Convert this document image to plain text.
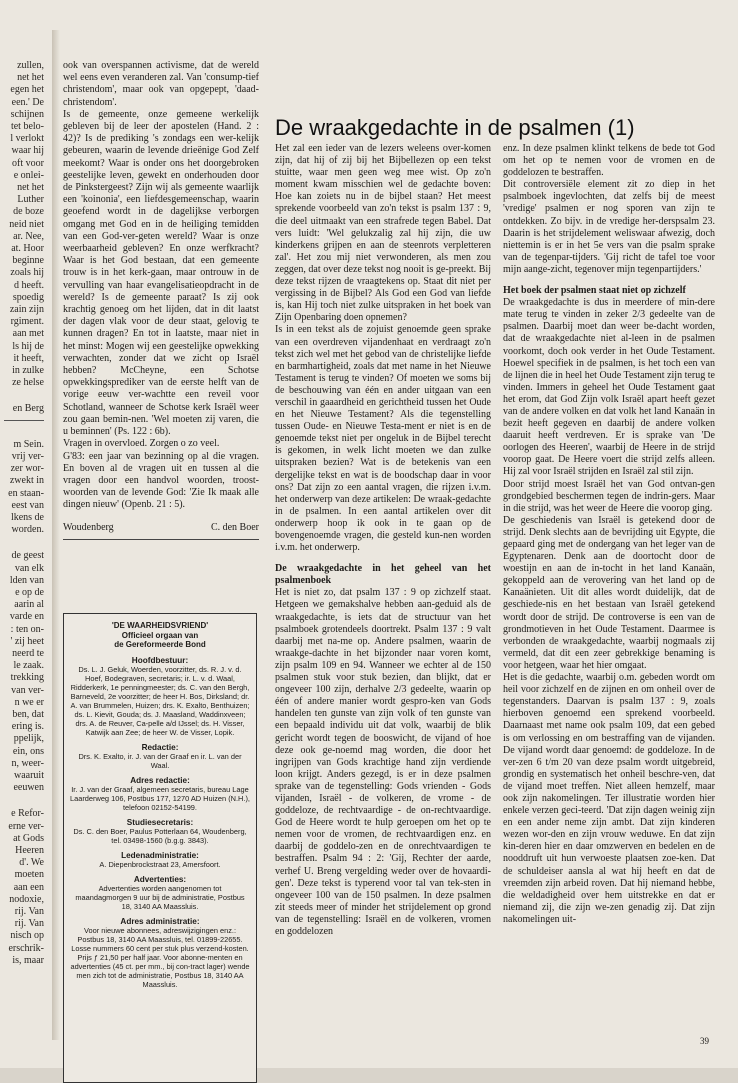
zullen,
net het
egen het
een.' De
schijnen
tet belo-
l verlokt
waar hij
oft voor
e onlei-
net het
Luther
de boze
neid niet
ar. Nee,
at. Hoor
beginne
zoals hij
d heeft.
spoedig
zain zijn
rgiment.
aan met
ls hij de
it heeft,
in zulke
ze helse
en Berg
m Sein.
vrij ver-
zer wor-
zwekt in
en staan-
eest van
lkens de
worden.
de geest
van elk
lden van
e op de
aarin al
varde en
: ten on-
' zij heet
neerd te
le zaak.
trekking
van ver-
n we er
ben, dat
ering is.
ppelijk,
ein, ons
n, weer-
waaruit
eeuwen
e Refor-
erne ver-
at Gods
Heeren
d'. We
moeten
aan een
nodoxie,
rij. Van
rij. Van
nisch op
erschrik-
is, maar

ook van overspannen activisme, dat de wereld wel eens even veranderen zal. Van 'consump-tief christendom', maar ook van opgepept, 'daad-christendom'.

Is de gemeente, onze gemeene werkelijk gebleven bij de leer der apostelen (Hand. 2 : 42)? Is de prediking 's zondags een wer-kelijk gebeuren, waarin de levende drieënige God Zelf meekomt? Waar is onder ons het doorgebroken geestelijke leven, gewekt en onderhouden door de Pinkstergeest? Zijn wij als gemeente waarlijk een 'koinonia', een liefdesgemeenschap, waarin geoefend wordt in de dagelijkse verborgen omgang met God en in de heiliging temidden van een God-ver-geten wereld? Waar is onze weerbaarheid gebleven? En onze werfkracht? Waar is het God bestaan, dat een gemeente trouw is in het kerk-gaan, maar ontrouw in de vervulling van haar evangelisatieopdracht in de wereld? Is de gemeente paraat? Is zij ook krachtig genoeg om het lijden, dat in dit laatst der dagen vlak voor de deur staat, gelovig te kunnen dragen? En tot in laatste, maar niet in het minst: Mogen wij een geestelijke opwekking verwachten, zonder dat we zicht op Israël hebben? McCheyne, een Schotse opwekkingsprediker van de eerste helft van de vorige eeuw ver-wachtte een reveil voor Schotland, wanneer de Schotse kerk Israël weer zou gaan bemin-nen. 'Wel moeten zij varen, die u beminnen' (Ps. 122 : 6b).

Vragen in overvloed. Zorgen o zo veel.

G'83: een jaar van bezinning op al die vragen. En boven al de vragen uit en tussen al die vragen door een handvol woorden, troost-woorden van de levende God: 'Zie Ik maak alle dingen nieuw' (Openb. 21 : 5).

Woudenberg	C. den Boer

'DE WAARHEIDSVRIEND'

Officieel orgaan van

de Gereformeerde Bond

Hoofdbestuur:

Ds. L. J. Geluk, Woerden, voorzitter, ds. R. J. v. d. Hoef, Bodegraven, secretaris; ir. L. v. d. Waal, Ridderkerk, 1e penningmeester; ds. C. van den Bergh, Barneveld, 2e voorzitter; de heer H. Bos, Dirksland; dr. A. van Brummelen, Huizen; drs. K. Exalto, Benthuizen; ds. L. Kievit, Gouda; ds. J. Maasland, Waddinxveen; drs. A. de Reuver, Ca-pelle a/d IJssel; ds. H. Visser, Katwijk aan Zee; de heer W. de Visser, Lopik.

Redactie:

Drs. K. Exalto, ir. J. van der Graaf en ir. L. van der Waal.

Adres redactie:

Ir. J. van der Graaf, algemeen secretaris, bureau Lage Laarderweg 106, Postbus 177, 1270 AD Huizen (N.H.), telefoon 02152-54199.

Studiesecretaris:

Ds. C. den Boer, Paulus Potterlaan 64, Woudenberg, tel. 03498-1560 (b.g.g. 3843).

Ledenadministratie:

A. Diepenbrockstraat 23, Amersfoort.

Advertenties:

Advertenties worden aangenomen tot maandagmorgen 9 uur bij de administratie, Postbus 18, 3140 AA Maassluis.

Adres administratie:

Voor nieuwe abonnees, adreswijzigingen enz.: Postbus 18, 3140 AA Maassluis, tel. 01899-22655. Losse nummers 60 cent per stuk plus verzend-kosten. Prijs ƒ 21,50 per half jaar. Voor abonne-menten en advertenties (45 ct. per mm., bij con-tract lager) wende men zich tot de administratie, Postbus 18, 3140 AA Maassluis.

De wraakgedachte in de psalmen (1)

Het zal een ieder van de lezers weleens over-komen zijn, dat hij of zij bij het Bijbellezen op een tekst stuitte, waar men geen weg mee wist. Op zo'n moment kwam misschien wel de gedachte boven: Hoe kan zoiets nu in de bijbel staan? Het meest sprekende voorbeeld van zo'n tekst is psalm 137 : 9, die deel uitmaakt van een strafrede tegen Babel. Dat vers luidt: 'Wel gelukzalig zal hij zijn, die uw kinderkens grijpen en aan de steenrots verpletteren zal'. Het zou mij niet verwonderen, als men zou zeggen, dat over deze tekst nog nooit is ge-preekt. Bij deze tekst rijzen de vraagtekens op. Staat dit niet per vergissing in de Bijbel? Als God een God van liefde is, kan Hij toch niet zulke uitspraken in het boek van Zijn Openbaring doen opnemen?

Is in een tekst als de zojuist genoemde geen sprake van een overdreven vijandenhaat en verdraagt zo'n tekst zich wel met het gebod van de christelijke liefde en barmhartigheid, zoals dat met name in het Nieuwe Testament is terug te vinden? Of moeten we soms bij de beschouwing van één en ander uitgaan van een verschil in gaaardheid en gerichtheid tussen het Oude en het Nieuwe Testament? Als die tegenstelling tussen Oude- en Nieuwe Testa-ment er niet is en de genoemde tekst niet per ongeluk in de Bijbel terecht is gekomen, in welk licht moeten we dan zulke uitspraken bezien? Wat is de betekenis van een dergelijke tekst en wat is de boodschap daar in voor ons? Dat zijn zo een aantal vragen, die rijzen i.v.m. het onderwerp van deze artikelen: De wraak-gedachte in de psalmen. In een aantal artikelen over dit onderwerp hoop ik ook in te gaan op de bovengenoemde vragen, die gesteld kun-nen worden i.v.m. het onderwerp.

De wraakgedachte in het geheel van het psalmenboek

Het is niet zo, dat psalm 137 : 9 op zichzelf staat. Hetgeen we gemakshalve hebben aan-geduid als de wraakgedachte, is iets dat de structuur van het psalmboek grotendeels doortrekt. Psalm 137 : 9 valt daarbij met na-me op. Andere psalmen, waarin de wraakge-dachte in het bijzonder naar voren komt, zijn psalm 109 en 94. Wanneer we echter al de 150 psalmen stuk voor stuk bezien, dan blijkt, dat er ongeveer 100 zijn, derhalve 2/3 gedeelte, waarin op één of andere manier wordt gespro-ken van Gods handelen ten gunste van zijn volk of ten gunste van een bepaald individu uit dat volk, waarbij de blik gericht wordt tegen de booswicht, de vijand of hoe deze ook ge-noemd mag worden, die door het ingrijpen van Gods krachtige hand zijn verdiende loon krijgt. Anders gezegd, is er in deze psalmen sprake van de tegenstelling: Gods vrienden - Gods vijanden, Israël - de volkeren, de vrome - de goddeloze, de rechtvaardige - de on-rechtvaardige. God de Heere wordt te hulp geroepen om het op te nemen voor de vromen, de rechtvaardigen enz. en daarbij de goddelo-zen en de onrechtvaardigen te bestraffen. Psalm 94 : 2: 'Gij, Rechter der aarde, verhef U. Breng vergelding weder over de hovaardi-gen'. Deze tekst is typerend voor tal van tek-sten in ongeveer 100 van de 150 psalmen. In deze psalmen zit steeds meer of minder het strijdelement op grond van de tegenstelling: Israël en de volkeren, vromen en goddelozen

enz. In deze psalmen klinkt telkens de bede tot God om het op te nemen voor de vromen en de goddelozen te bestraffen.

Dit controversiële element zit zo diep in het psalmboek ingevlochten, dat zelfs bij de meest 'vredige' psalmen er nog sporen van zijn te ontdekken. Zo bijv. in de vredige her-derspsalm 23. Daarin is het strijdelement weliswaar afwezig, doch niettemin is er in het 5e vers van die psalm sprake van de tegenpar-tijders. 'Gij richt de tafel toe voor mijn aange-zicht, tegenover mijn tegenpartijders.'

Het boek der psalmen staat niet op zichzelf

De wraakgedachte is dus in meerdere of min-dere mate terug te vinden in zeker 2/3 gedeelte van de psalmen. Daarbij moet dan weer be-dacht worden, dat de wraakgedachte niet al-leen in de psalmen voorkomt, doch ook verder in het Oude Testament. Hoewel specifiek in de psalmen, is het toch een van de lijnen die in heel het Oude Testament zijn terug te vinden. Immers in geheel het Oude Testament gaat het erom, dat God Zijn volk Israël apart heeft gezet van de andere volken en dat volk het land Kanaän in bezit heeft gegeven en daarbij de andere volken daaruit heeft verdreven. Er is sprake van 'De oorlogen des Heeren', waarbij de Heere in de strijd voorop gaat. De Heere voert die strijd zelfs alleen. Hij zal voor Israël strijden en Israël zal stil zijn.

Door strijd moest Israël het van God ontvan-gen grondgebied beschermen tegen de indrin-gers. Maar in die strijd, was het weer de Heere die voorop ging.

De geschiedenis van Israël is getekend door de strijd. Denk slechts aan de bevrijding uit Egypte, die gepaard ging met de ondergang van het leger van de Egyptenaren. Denk aan de doortocht door de woestijn en aan de in-tocht in het land Kanaän, gekoppeld aan de verovering van het land op de Kanaänieten. Uit dit alles wordt duidelijk, dat de geschiede-nis en het bestaan van Israël getekend wordt door de strijd. De controverse is een van de grondmotieven in het Oude Testament. Daarmee is verbonden de wraakgedachte, waarbij nogmaals zij vermeld, dat dit een zeer gebrekkige benaming is voor hetgeen, waar het hier omgaat.

Het is die gedachte, waarbij o.m. gebeden wordt om heil voor zichzelf en de zijnen en om onheil over de tegenstanders. Daarvan is psalm 137 : 9, zoals hierboven genoemd een sprekend voorbeeld. Daarnaast met name ook psalm 109, dat een gebed is om verlossing en om bestraffing van de vijanden. De vijand wordt daar genoemd: de goddeloze. In de ver-zen 6 t/m 20 van deze psalm wordt uitgebreid, grondig en systematisch het onheil beschre-ven, dat de vijand moet treffen. Niet alleen hemzelf, maar ook zijn nakomelingen. Ter illustratie worden hier enkele verzen geci-teerd. 'Dat zijn dagen weinig zijn en een ander neme zijn ambt. Dat zijn kinderen wezen wor-den en zijn vrouw weduwe. En dat zijn kin-deren hier en daar omzwerven en bedelen en de nooddruft uit hun verwoeste plaatsen zoe-ken. Dat de schuldeiser aansla al wat hij heeft en dat de vreemden zijn arbeid roven. Dat hij niemand hebbe, die weldadigheid over hem uitstrekke en dat er niemand zij, die zijn we-zen genadig zij. Dat zijn nakomelingen uit-

39
